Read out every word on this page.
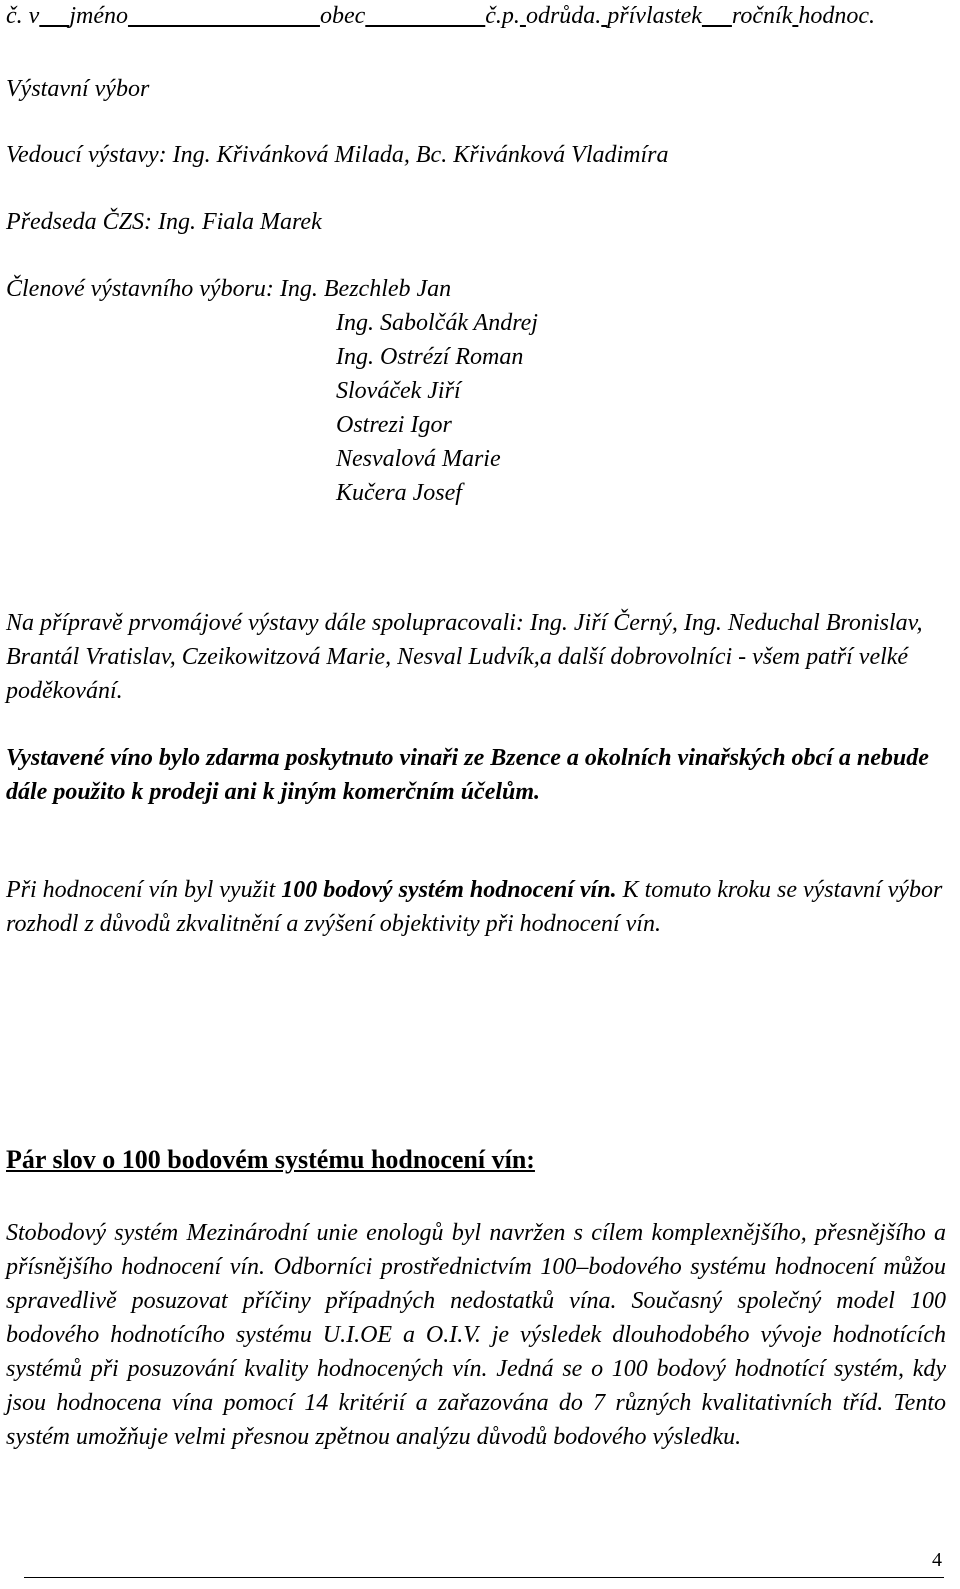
č. v jméno	obec	č.p. odrůda. přívlastek ročník hodnoc.
Výstavní výbor
Vedoucí výstavy: Ing. Křivánková Milada, Bc. Křivánková Vladimíra
Předseda ČZS: Ing. Fiala Marek
Členové výstavního výboru: Ing. Bezchleb Jan
Ing. Sabolčák Andrej
Ing. Ostrézí Roman
Slováček Jiří
Ostrezi Igor
Nesvalová Marie
Kučera Josef
Na přípravě prvomájové výstavy dále spolupracovali: Ing. Jiří Černý, Ing. Neduchal Bronislav, Brantál Vratislav, Czeikowitzová Marie, Nesval Ludvík,a další dobrovolníci - všem patří velké poděkování.
Vystavené víno bylo zdarma poskytnuto vinaři ze Bzence a okolních vinařských obcí a nebude dále použito k prodeji ani k jiným komerčním účelům.
Při hodnocení vín byl využit 100 bodový systém hodnocení vín. K tomuto kroku se výstavní výbor rozhodl z důvodů zkvalitnění a zvýšení objektivity při hodnocení vín.
Pár slov o 100 bodovém systému hodnocení vín:
Stobodový systém Mezinárodní unie enologů byl navržen s cílem komplexnějšího, přesnějšího a přísnějšího hodnocení vín. Odborníci prostřednictvím 100–bodového systému hodnocení můžou spravedlivě posuzovat příčiny případných nedostatků vína. Současný společný model 100 bodového hodnotícího systému U.I.OE a O.I.V. je výsledek dlouhodobého vývoje hodnotících systémů při posuzování kvality hodnocených vín. Jedná se o 100 bodový hodnotící systém, kdy jsou hodnocena vína pomocí 14 kritérií a zařazována do 7 různých kvalitativních tříd. Tento systém umožňuje velmi přesnou zpětnou analýzu důvodů bodového výsledku.
4
